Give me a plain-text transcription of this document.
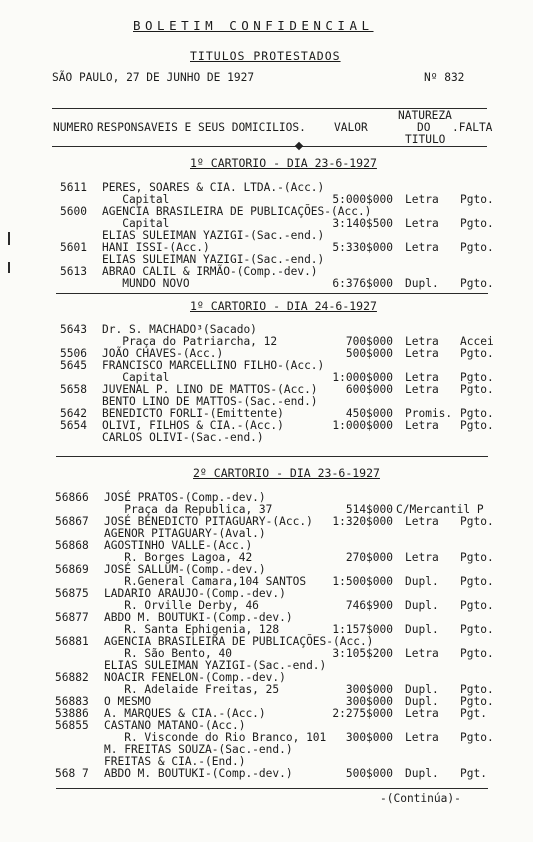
BOLETIM CONFIDENCIAL
TITULOS PROTESTADOS
SÃO PAULO, 27 DE JUNHO DE 1927	Nº 832
NATUREZA
NUMERO RESPONSAVEIS E SEUS DOMICILIOS.	VALOR	DO .FALTA
TITULO
1º CARTORIO - DIA 23-6-1927
5611	PERES, SOARES & CIA. LTDA.-(Acc.)
Capital	5:000$000 Letra Pgto.
5600	AGENCIA BRASILEIRA DE PUBLICAÇÕES-(Acc.)
Capital
ELIAS SULEIMAN YAZIGI-(Sac.-end.)
3:140$500 Letra Pgto.
5601	HANI ISSI-(Acc.)
ELIAS SULEIMAN YAZIGI-(Sac.-end.)
5:330$000 Letra Pgto.
5613	ABRAO CALIL & IRMÃO-(Comp.-dev.)
MUNDO NOVO	6:376$000 Dupl. Pgto.
1º CARTORIO - DIA 24-6-1927
5643	Dr. S. MACHADO³(Sacado)
Praça do Patriarcha, 12	700$000 Letra Accei
5506	JOÃO CHAVES-(Acc.)	500$000 Letra Pgto.
5645	FRANCISCO MARCELLINO FILHO-(Acc.)
Capital	1:000$000 Letra Pgto.
5658	JUVENAL P. LINO DE MATTOS-(Acc.)
BENTO LINO DE MATTOS-(Sac.-end.)
600$000 Letra Pgto.
5642	BENEDICTO FORLI-(Emittente)	450$000 Promis. Pgto.
5654	OLIVI, FILHOS & CIA.-(Acc.)
CARLOS OLIVI-(Sac.-end.)
1:000$000 Letra Pgto.
2º CARTORIO - DIA 23-6-1927
56866	JOSÉ PRATOS-(Comp.-dev.)
Praça da Republica, 37	514$000 C/Mercantil P
56867	JOSÉ BENEDICTO PITAGUARY-(Acc.)
AGENOR PITAGUARY-(Aval.)
1:320$000 Letra Pgto.
56868	AGOSTINHO VALLE-(Acc.)
R. Borges Lagoa, 42	270$000 Letra Pgto.
56869	JOSÉ SALLUM-(Comp.-dev.)
R.General Camara,104 SANTOS	1:500$000 Dupl. Pgto.
56875	LADARIO ARAUJO-(Comp.-dev.)
R. Orville Derby, 46	746$900 Dupl. Pgto.
56877	ABDO M. BOUTUKI-(Comp.-dev.)
R. Santa Ephigenia, 128	1:157$000 Dupl. Pgto.
56881	AGENCIA BRASILEIRA DE PUBLICAÇÕES-(Acc.)
R. São Bento, 40
ELIAS SULEIMAN YAZIGI-(Sac.-end.)
3:105$200 Letra Pgto.
56882	NOACIR FENELON-(Comp.-dev.)
R. Adelaide Freitas, 25	300$000 Dupl. Pgto.
56883	O MESMO	300$000 Dupl. Pgto.
53886	A. MARQUES & CIA.-(Acc.)	2:275$000 Letra Pgt.
56855	CASTANO MATANO-(Acc.)
R. Visconde do Rio Branco, 101
M. FREITAS SOUZA-(Sac.-end.)
FREITAS & CIA.-(End.)
300$000 Letra Pgto.
568 7	ABDO M. BOUTUKI-(Comp.-dev.)	500$000 Dupl. Pgt.
-(Continúa)-
